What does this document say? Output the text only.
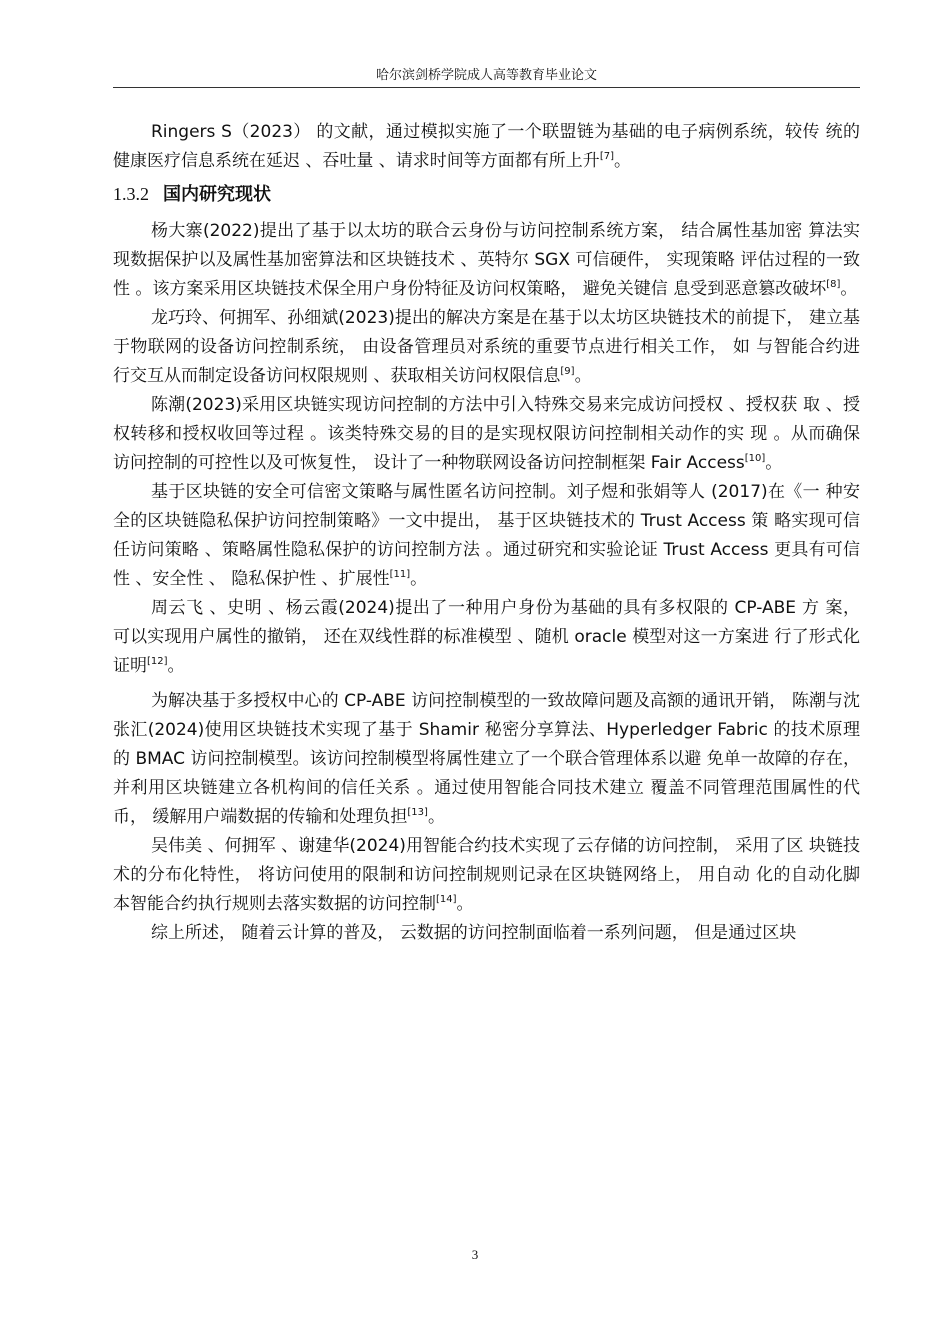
哈尔滨剑桥学院成人高等教育毕业论文

Ringers S（2023） 的文献，通过模拟实施了一个联盟链为基础的电子病例系统，较传 统的健康医疗信息系统在延迟 、吞吐量 、请求时间等方面都有所上升[7]。

1.3.2 国内研究现状

杨大寨(2022)提出了基于以太坊的联合云身份与访问控制系统方案， 结合属性基加密 算法实现数据保护以及属性基加密算法和区块链技术 、英特尔 SGX 可信硬件， 实现策略 评估过程的一致性 。该方案采用区块链技术保全用户身份特征及访问权策略， 避免关键信 息受到恶意篡改破坏[8]。

龙巧玲、何拥军、孙细斌(2023)提出的解决方案是在基于以太坊区块链技术的前提下， 建立基于物联网的设备访问控制系统， 由设备管理员对系统的重要节点进行相关工作， 如 与智能合约进行交互从而制定设备访问权限规则 、获取相关访问权限信息[9]。

陈潮(2023)采用区块链实现访问控制的方法中引入特殊交易来完成访问授权 、授权获 取 、授权转移和授权收回等过程 。该类特殊交易的目的是实现权限访问控制相关动作的实 现 。从而确保访问控制的可控性以及可恢复性， 设计了一种物联网设备访问控制框架 Fair Access[10]。

基于区块链的安全可信密文策略与属性匿名访问控制。刘子煜和张娟等人 (2017)在《一 种安全的区块链隐私保护访问控制策略》一文中提出， 基于区块链技术的 Trust Access 策 略实现可信任访问策略 、策略属性隐私保护的访问控制方法 。通过研究和实验论证 Trust Access 更具有可信性 、安全性 、 隐私保护性 、扩展性[11]。

周云飞 、史明 、杨云霞(2024)提出了一种用户身份为基础的具有多权限的 CP-ABE 方 案， 可以实现用户属性的撤销， 还在双线性群的标准模型 、随机 oracle 模型对这一方案进 行了形式化证明[12]。

为解决基于多授权中心的 CP-ABE 访问控制模型的一致故障问题及高额的通讯开销， 陈潮与沈张汇(2024)使用区块链技术实现了基于 Shamir 秘密分享算法、Hyperledger Fabric 的技术原理的 BMAC 访问控制模型。该访问控制模型将属性建立了一个联合管理体系以避 免单一故障的存在， 并利用区块链建立各机构间的信任关系 。通过使用智能合同技术建立 覆盖不同管理范围属性的代币， 缓解用户端数据的传输和处理负担[13]。

吴伟美 、何拥军 、谢建华(2024)用智能合约技术实现了云存储的访问控制， 采用了区 块链技术的分布化特性， 将访问使用的限制和访问控制规则记录在区块链网络上， 用自动 化的自动化脚本智能合约执行规则去落实数据的访问控制[14]。

综上所述， 随着云计算的普及， 云数据的访问控制面临着一系列问题， 但是通过区块

3
